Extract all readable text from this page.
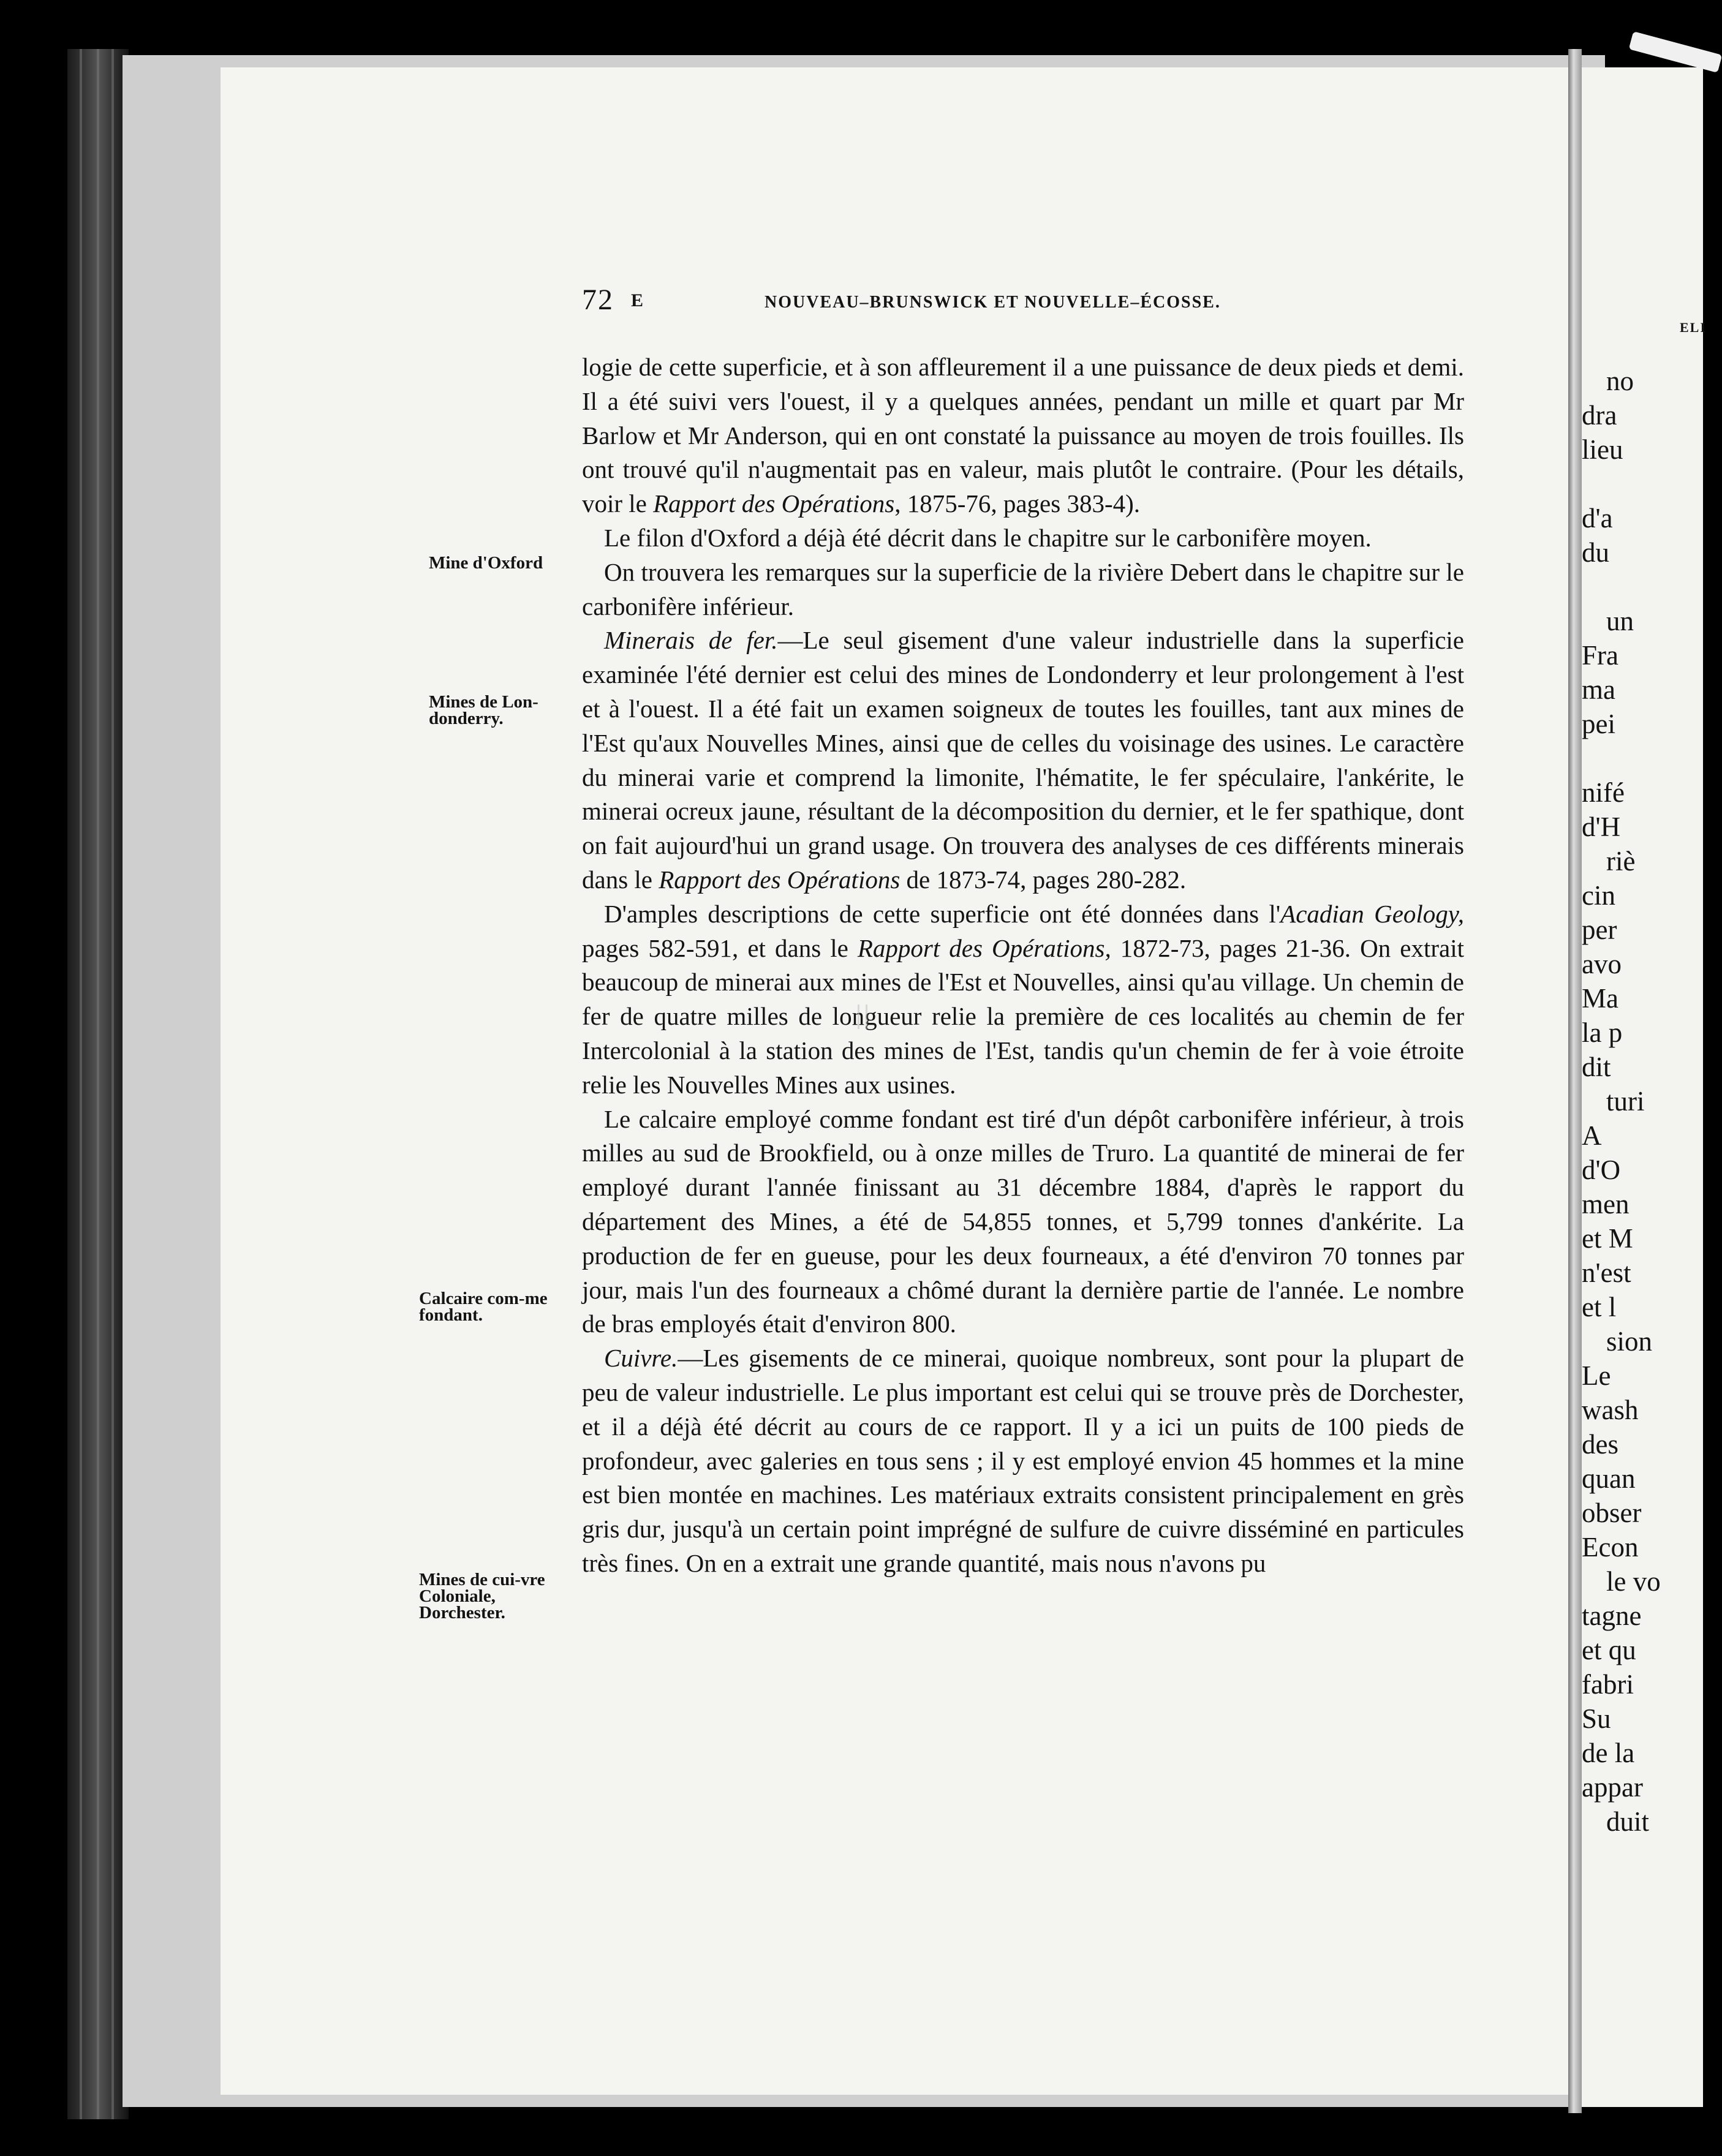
72 E	NOUVEAU–BRUNSWICK ET NOUVELLE–ÉCOSSE.
Mine d'Oxford
Mines de Lon-donderry.
Calcaire com-me fondant.
Mines de cui-vre Coloniale, Dorchester.

logie de cette superficie, et à son affleurement il a une puissance de deux pieds et demi. Il a été suivi vers l'ouest, il y a quelques années, pendant un mille et quart par Mr Barlow et Mr Anderson, qui en ont constaté la puissance au moyen de trois fouilles. Ils ont trouvé qu'il n'augmentait pas en valeur, mais plutôt le contraire. (Pour les détails, voir le Rapport des Opérations, 1875-76, pages 383-4).

Le filon d'Oxford a déjà été décrit dans le chapitre sur le carbonifère moyen.

On trouvera les remarques sur la superficie de la rivière Debert dans le chapitre sur le carbonifère inférieur.

Minerais de fer.—Le seul gisement d'une valeur industrielle dans la superficie examinée l'été dernier est celui des mines de Londonderry et leur prolongement à l'est et à l'ouest. Il a été fait un examen soigneux de toutes les fouilles, tant aux mines de l'Est qu'aux Nouvelles Mines, ainsi que de celles du voisinage des usines. Le caractère du minerai varie et comprend la limonite, l'hématite, le fer spéculaire, l'ankérite, le minerai ocreux jaune, résultant de la décomposition du dernier, et le fer spathique, dont on fait aujourd'hui un grand usage. On trouvera des analyses de ces différents minerais dans le Rapport des Opérations de 1873-74, pages 280-282.

D'amples descriptions de cette superficie ont été données dans l'Acadian Geology, pages 582-591, et dans le Rapport des Opérations, 1872-73, pages 21-36. On extrait beaucoup de minerai aux mines de l'Est et Nouvelles, ainsi qu'au village. Un chemin de fer de quatre milles de longueur relie la première de ces localités au chemin de fer Intercolonial à la station des mines de l'Est, tandis qu'un chemin de fer à voie étroite relie les Nouvelles Mines aux usines.

Le calcaire employé comme fondant est tiré d'un dépôt carbonifère inférieur, à trois milles au sud de Brookfield, ou à onze milles de Truro. La quantité de minerai de fer employé durant l'année finissant au 31 décembre 1884, d'après le rapport du département des Mines, a été de 54,855 tonnes, et 5,799 tonnes d'ankérite. La production de fer en gueuse, pour les deux fourneaux, a été d'environ 70 tonnes par jour, mais l'un des fourneaux a chômé durant la dernière partie de l'année. Le nombre de bras employés était d'environ 800.

Cuivre.—Les gisements de ce minerai, quoique nombreux, sont pour la plupart de peu de valeur industrielle. Le plus important est celui qui se trouve près de Dorchester, et il a déjà été décrit au cours de ce rapport. Il y a ici un puits de 100 pieds de profondeur, avec galeries en tous sens ; il y est employé envion 45 hommes et la mine est bien montée en machines. Les matériaux extraits consistent principalement en grès gris dur, jusqu'à un certain point imprégné de sulfure de cuivre disséminé en particules très fines. On en a extrait une grande quantité, mais nous n'avons pu

ELI
no
dra
lieu
d'a
du
un
Fra
ma
pei
nifé
d'H
riè
cin
per
avo
Ma
la p
dit
turi
A
d'O
men
et M
n'est
et l
sion
Le
wash
des
quan
obser
Econ
le vo
tagne
et qu
fabri
Su
de la
appar
duit
